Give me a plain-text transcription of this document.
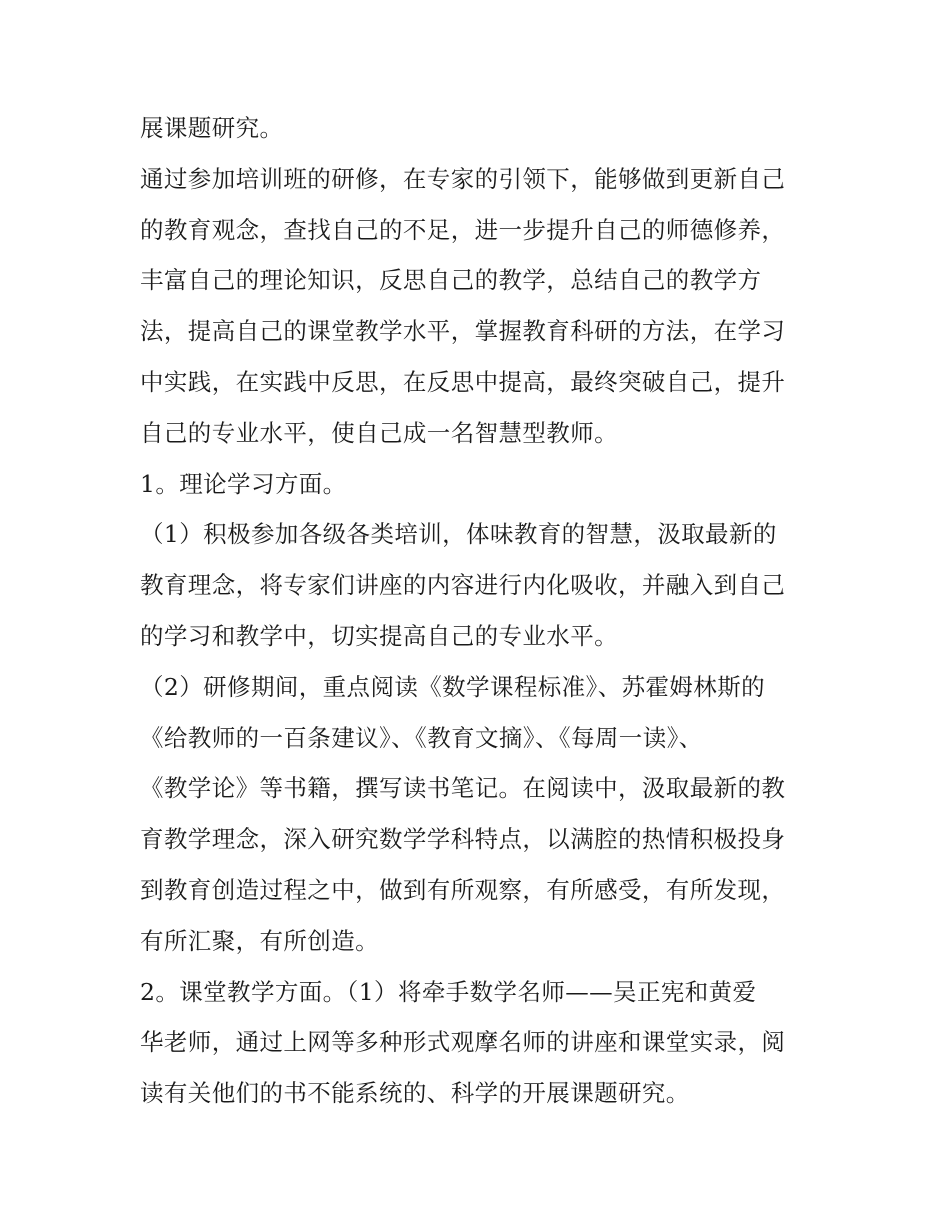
展课题研究。
通过参加培训班的研修，在专家的引领下，能够做到更新自己
的教育观念，查找自己的不足，进一步提升自己的师德修养，
丰富自己的理论知识，反思自己的教学，总结自己的教学方
法，提高自己的课堂教学水平，掌握教育科研的方法，在学习
中实践，在实践中反思，在反思中提高，最终突破自己，提升
自己的专业水平，使自己成一名智慧型教师。
1。理论学习方面。
（1）积极参加各级各类培训，体味教育的智慧，汲取最新的
教育理念，将专家们讲座的内容进行内化吸收，并融入到自己
的学习和教学中，切实提高自己的专业水平。
（2）研修期间，重点阅读《数学课程标准》、苏霍姆林斯的
《给教师的一百条建议》、《教育文摘》、《每周一读》、
《教学论》等书籍，撰写读书笔记。在阅读中，汲取最新的教
育教学理念，深入研究数学学科特点，以满腔的热情积极投身
到教育创造过程之中，做到有所观察，有所感受，有所发现，
有所汇聚，有所创造。
2。课堂教学方面。（1）将牵手数学名师——吴正宪和黄爱
华老师，通过上网等多种形式观摩名师的讲座和课堂实录，阅
读有关他们的书不能系统的、科学的开展课题研究。
